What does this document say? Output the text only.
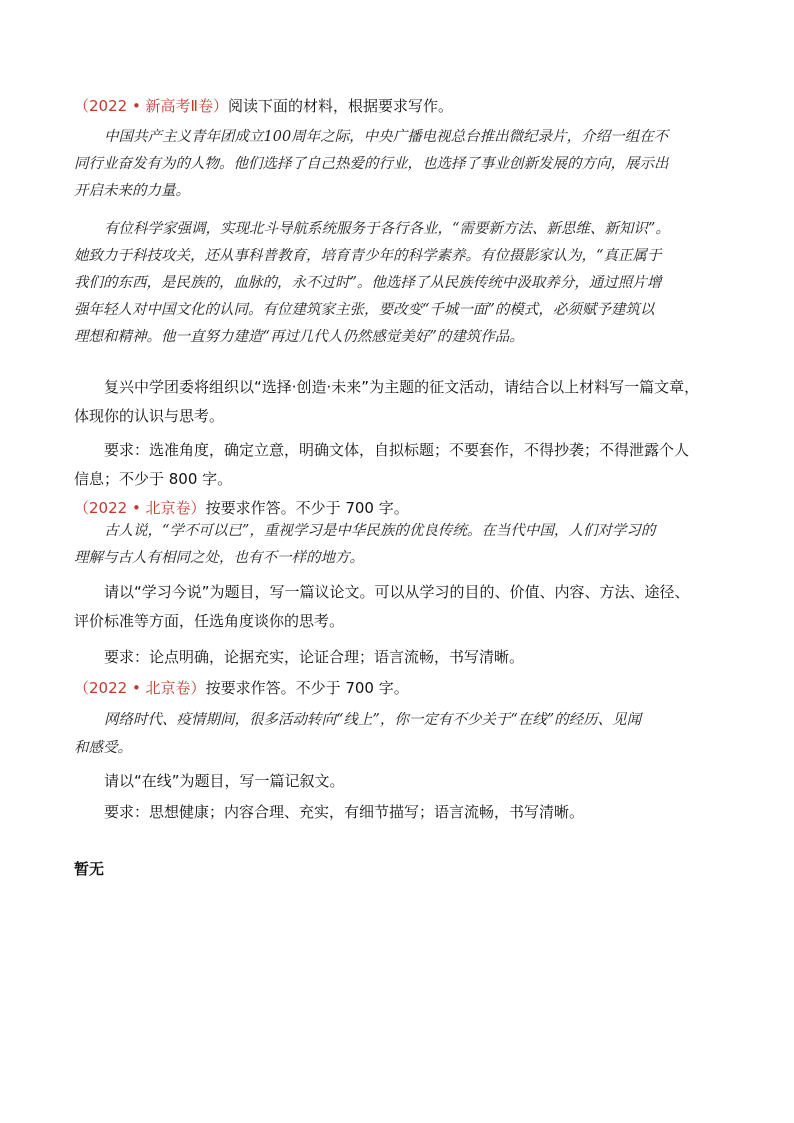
（2022 • 新高考Ⅱ卷）阅读下面的材料，根据要求写作。
中国共产主义青年团成立100周年之际，中央广播电视总台推出微纪录片，介绍一组在不
同行业奋发有为的人物。他们选择了自己热爱的行业，也选择了事业创新发展的方向，展示出
开启未来的力量。
有位科学家强调，实现北斗导航系统服务于各行各业，“需要新方法、新思维、新知识”。
她致力于科技攻关，还从事科普教育，培育青少年的科学素养。有位摄影家认为，“真正属于
我们的东西，是民族的，血脉的，永不过时”。他选择了从民族传统中汲取养分，通过照片增
强年轻人对中国文化的认同。有位建筑家主张，要改变“千城一面”的模式，必须赋予建筑以
理想和精神。他一直努力建造“再过几代人仍然感觉美好”的建筑作品。
复兴中学团委将组织以“选择·创造·未来”为主题的征文活动，请结合以上材料写一篇文章，
体现你的认识与思考。
要求：选准角度，确定立意，明确文体，自拟标题；不要套作，不得抄袭；不得泄露个人
信息；不少于 800 字。
（2022 • 北京卷）按要求作答。不少于 700 字。
古人说，“学不可以已”，重视学习是中华民族的优良传统。在当代中国，人们对学习的
理解与古人有相同之处，也有不一样的地方。
请以“学习今说”为题目，写一篇议论文。可以从学习的目的、价值、内容、方法、途径、
评价标准等方面，任选角度谈你的思考。
要求：论点明确，论据充实，论证合理；语言流畅，书写清晰。
（2022 • 北京卷）按要求作答。不少于 700 字。
网络时代、疫情期间，很多活动转向“线上”，你一定有不少关于“在线”的经历、见闻
和感受。
请以“在线”为题目，写一篇记叙文。
要求：思想健康；内容合理、充实，有细节描写；语言流畅，书写清晰。
暂无
